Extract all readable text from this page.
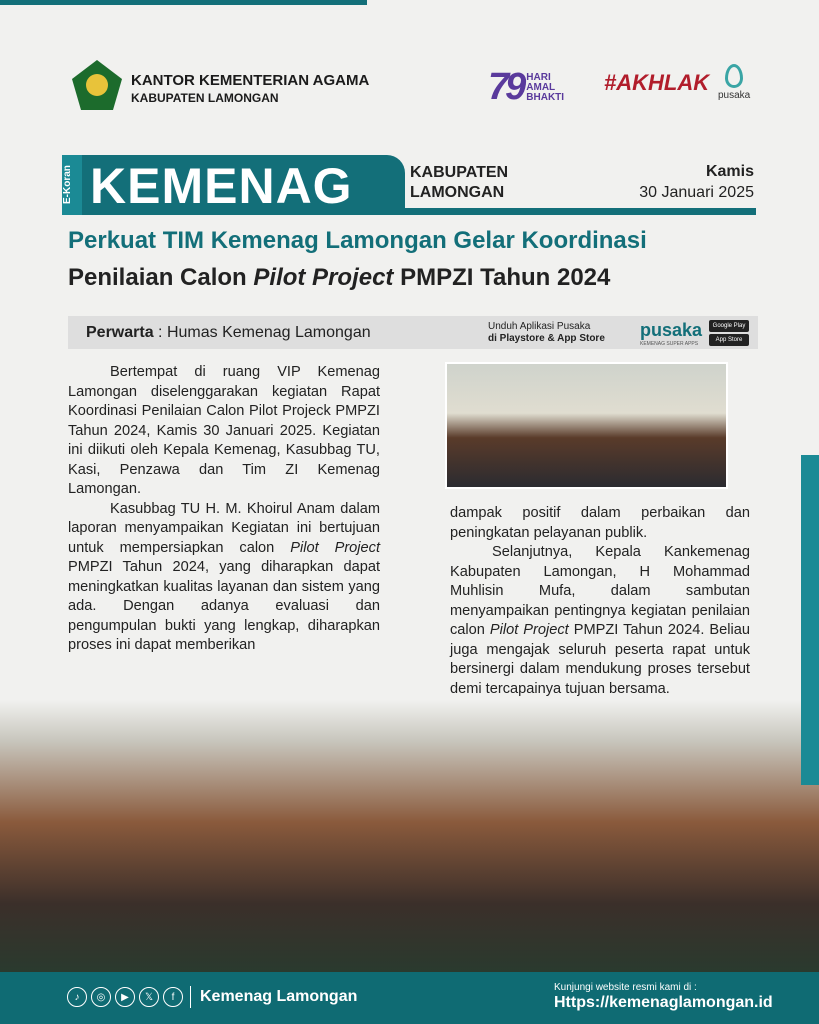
KANTOR KEMENTERIAN AGAMA
KABUPATEN LAMONGAN	79 HARI
AMAL
BHAKTI
#AKHLAK
pusaka
E-Koran KEMENAG	KABUPATEN
LAMONGAN
Kamis
30 Januari 2025
Perkuat TIM Kemenag Lamongan Gelar Koordinasi
Penilaian Calon Pilot Project PMPZI Tahun 2024
Perwarta : Humas Kemenag Lamongan	Unduh Aplikasi Pusaka
di Playstore & App Store pusaka
KEMENAG SUPER APPS
Google Play
App Store

Bertempat di ruang VIP Kemenag Lamongan diselenggarakan kegiatan Rapat Koordinasi Penilaian Calon Pilot Projeck PMPZI Tahun 2024, Kamis 30 Januari 2025. Kegiatan ini diikuti oleh Kepala Kemenag, Kasubbag TU, Kasi, Penzawa dan Tim ZI Kemenag Lamongan.

Kasubbag TU H. M. Khoirul Anam dalam laporan menyampaikan Kegiatan ini bertujuan untuk mempersiapkan calon Pilot Project PMPZI Tahun 2024, yang diharapkan dapat meningkatkan kualitas layanan dan sistem yang ada. Dengan adanya evaluasi dan pengumpulan bukti yang lengkap, diharapkan proses ini dapat memberikan

dampak positif dalam perbaikan dan peningkatan pelayanan publik.

Selanjutnya, Kepala Kankemenag Kabupaten Lamongan, H Mohammad Muhlisin Mufa, dalam sambutan menyampaikan pentingnya kegiatan penilaian calon Pilot Project PMPZI Tahun 2024. Beliau juga mengajak seluruh peserta rapat untuk bersinergi dalam mendukung proses tersebut demi tercapainya tujuan bersama.

♪	◎	▶	𝕏	f	Kemenag Lamongan
Kunjungi website resmi kami di :
Https://kemenaglamongan.id
